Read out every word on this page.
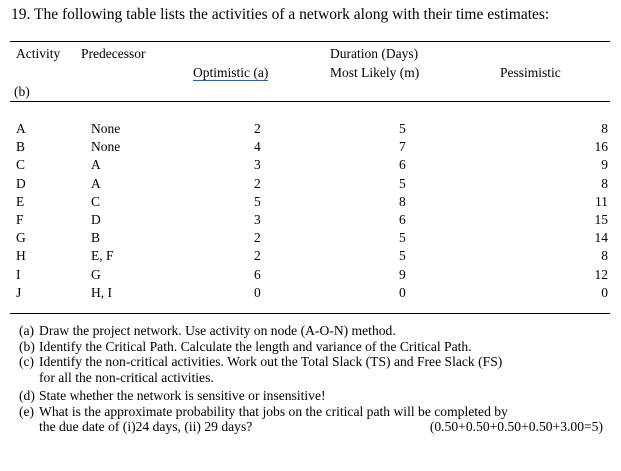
19. The following table lists the activities of a network along with their time estimates:
Activity Predecessor	Duration (Days)
Optimistic (a)	Most Likely (m)	Pessimistic
(b)
A	None	2	5	8
B	None	4	7	16
C	A	3	6	9
D	A	2	5	8
E	C	5	8	11
F	D	3	6	15
G	B	2	5	14
H	E, F	2	5	8
I	G	6	9	12
J	H, I	0	0	0
(a) Draw the project network. Use activity on node (A-O-N) method.
(b) Identify the Critical Path. Calculate the length and variance of the Critical Path.
(c) Identify the non-critical activities. Work out the Total Slack (TS) and Free Slack (FS)
for all the non-critical activities.
(d) State whether the network is sensitive or insensitive!
(e) What is the approximate probability that jobs on the critical path will be completed by
the due date of (i)24 days, (ii) 29 days?	(0.50+0.50+0.50+0.50+3.00=5)
